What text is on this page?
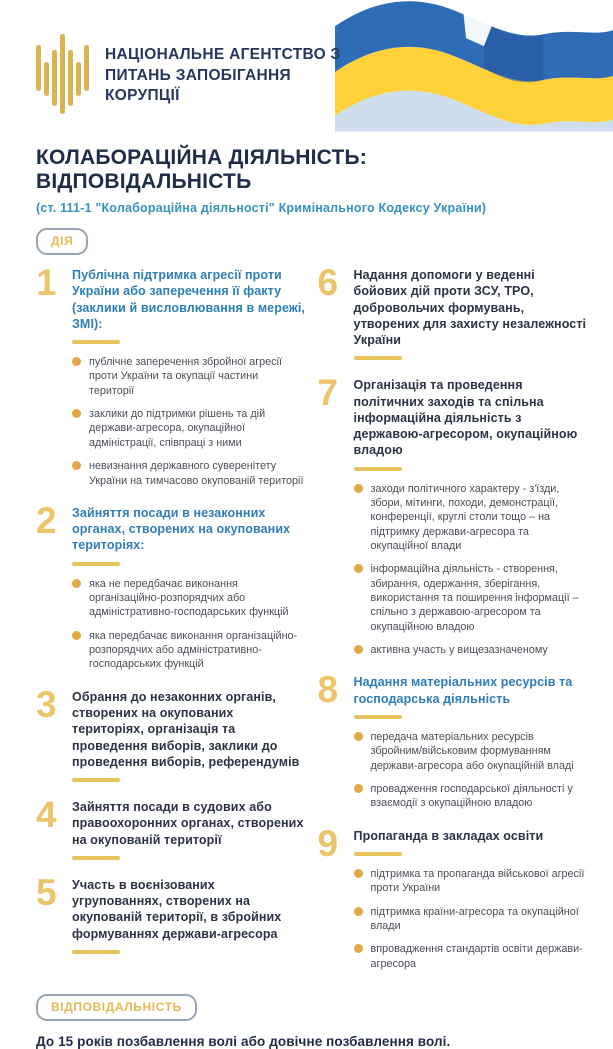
НАЦІОНАЛЬНЕ АГЕНТСТВО З ПИТАНЬ ЗАПОБІГАННЯ КОРУПЦІЇ
КОЛАБОРАЦІЙНА ДІЯЛЬНІСТЬ: ВІДПОВІДАЛЬНІСТЬ
(ст. 111-1 "Колабораційна діяльності" Кримінального Кодексу України)
ДІЯ
1	Публічна підтримка агресії проти України або заперечення її факту (заклики й висловлювання в мережі, ЗМІ):
публічне заперечення збройної агресії проти України та окупації частини території
заклики до підтримки рішень та дій держави-агресора, окупаційної адміністрації, співпраці з ними
невизнання державного суверенітету України на тимчасово окупованій території
2	Зайняття посади в незаконних органах, створених на окупованих територіях:
яка не передбачає виконання організаційно-розпорядчих або адміністративно-господарських функцій
яка передбачає виконання організаційно-розпорядчих або адміністративно-господарських функцій
3	Обрання до незаконних органів, створених на окупованих територіях, організація та проведення виборів, заклики до проведення виборів, референдумів
4	Зайняття посади в судових або правоохоронних органах, створених на окупованій території
5	Участь в воєнізованих угрупованнях, створених на окупованій території, в збройних формуваннях держави-агресора
6	Надання допомоги у веденні бойових дій проти ЗСУ, ТРО, добровольчих формувань, утворених для захисту незалежності України
7	Організація та проведення політичних заходів та спільна інформаційна діяльність з державою-агресором, окупаційною владою
заходи політичного характеру - з'їзди, збори, мітинги, походи, демонстрації, конференції, круглі столи тощо – на підтримку держави-агресора та окупаційної влади
інформаційна діяльність - створення, збирання, одержання, зберігання, використання та поширення інформації – спільно з державою-агресором та окупаційною владою
активна участь у вищезазначеному
8	Надання матеріальних ресурсів та господарська діяльність
передача матеріальних ресурсів збройним/військовим формуванням держави-агресора або окупаційній владі
провадження господарської діяльності у взаємодії з окупаційною владою
9	Пропаганда в закладах освіти
підтримка та пропаганда військової агресії проти України
підтримка країни-агресора та окупаційної влади
впровадження стандартів освіти держави-агресора
ВІДПОВІДАЛЬНІСТЬ
До 15 років позбавлення волі або довічне позбавлення волі.
